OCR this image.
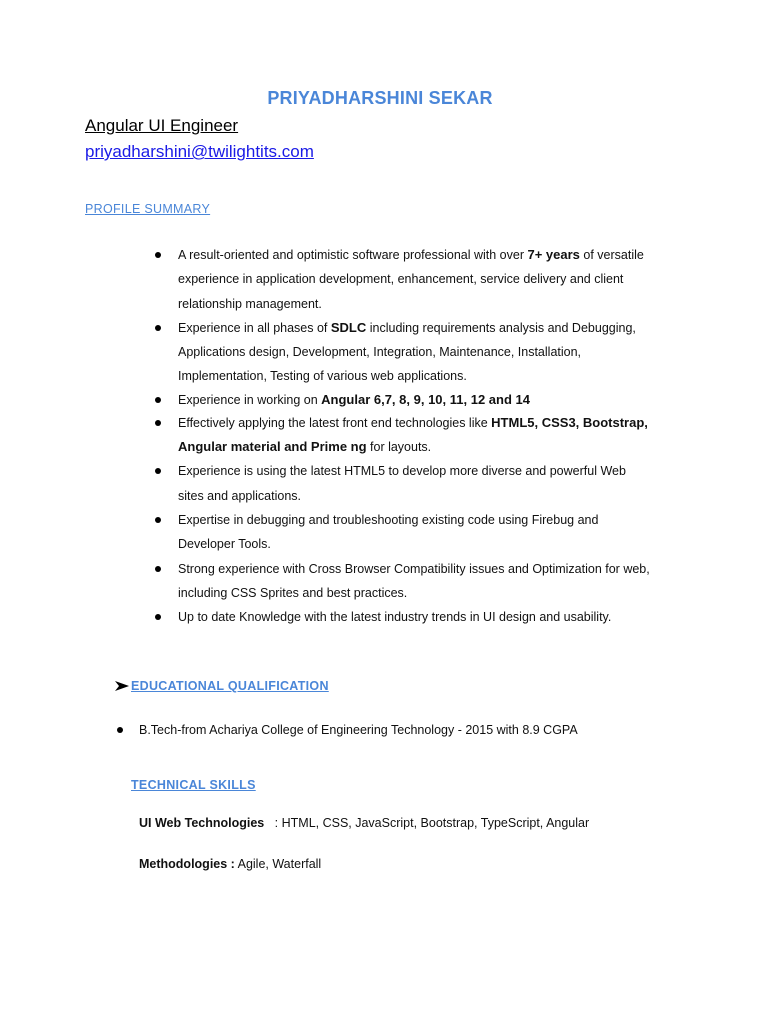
PRIYADHARSHINI SEKAR
Angular UI Engineer
priyadharshini@twilightits.com
PROFILE SUMMARY
A result-oriented and optimistic software professional with over 7+ years of versatile experience in application development, enhancement, service delivery and client relationship management.
Experience in all phases of SDLC including requirements analysis and Debugging, Applications design, Development, Integration, Maintenance, Installation, Implementation, Testing of various web applications.
Experience in working on Angular 6,7, 8, 9, 10, 11, 12 and 14
Effectively applying the latest front end technologies like HTML5, CSS3, Bootstrap, Angular material and Prime ng for layouts.
Experience is using the latest HTML5 to develop more diverse and powerful Web sites and applications.
Expertise in debugging and troubleshooting existing code using Firebug and Developer Tools.
Strong experience with Cross Browser Compatibility issues and Optimization for web, including CSS Sprites and best practices.
Up to date Knowledge with the latest industry trends in UI design and usability.
EDUCATIONAL QUALIFICATION
B.Tech-from Achariya College of Engineering Technology - 2015 with 8.9 CGPA
TECHNICAL SKILLS
UI Web Technologies   : HTML, CSS, JavaScript, Bootstrap, TypeScript, Angular
Methodologies : Agile, Waterfall
